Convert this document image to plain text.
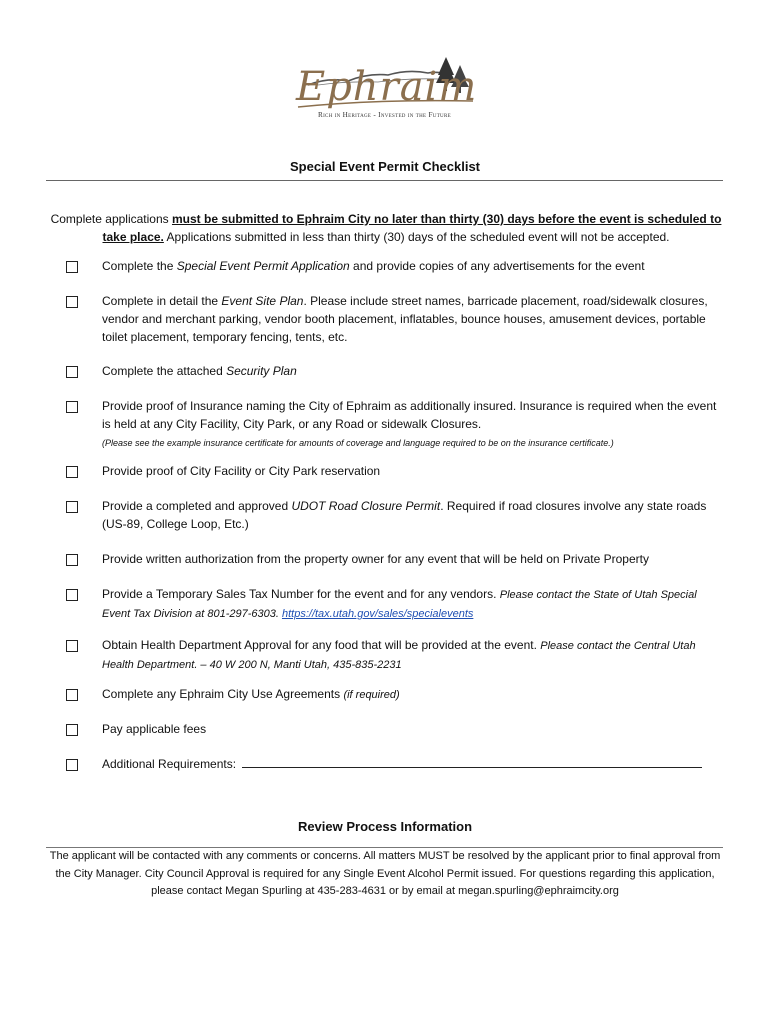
Ephraim
Rich in Heritage - Invested in the Future
Special Event Permit Checklist
Complete applications must be submitted to Ephraim City no later than thirty (30) days before the event is scheduled to take place. Applications submitted in less than thirty (30) days of the scheduled event will not be accepted.
Complete the Special Event Permit Application and provide copies of any advertisements for the event
Complete in detail the Event Site Plan. Please include street names, barricade placement, road/sidewalk closures, vendor and merchant parking, vendor booth placement, inflatables, bounce houses, amusement devices, portable toilet placement, temporary fencing, tents, etc.
Complete the attached Security Plan
Provide proof of Insurance naming the City of Ephraim as additionally insured. Insurance is required when the event is held at any City Facility, City Park, or any Road or sidewalk Closures.
(Please see the example insurance certificate for amounts of coverage and language required to be on the insurance certificate.)
Provide proof of City Facility or City Park reservation
Provide a completed and approved UDOT Road Closure Permit. Required if road closures involve any state roads (US-89, College Loop, Etc.)
Provide written authorization from the property owner for any event that will be held on Private Property
Provide a Temporary Sales Tax Number for the event and for any vendors. Please contact the State of Utah Special Event Tax Division at 801-297-6303. https://tax.utah.gov/sales/specialevents
Obtain Health Department Approval for any food that will be provided at the event. Please contact the Central Utah Health Department. – 40 W 200 N, Manti Utah, 435-835-2231
Complete any Ephraim City Use Agreements (if required)
Pay applicable fees
Additional Requirements:
Review Process Information
The applicant will be contacted with any comments or concerns. All matters MUST be resolved by the applicant prior to final approval from the City Manager. City Council Approval is required for any Single Event Alcohol Permit issued. For questions regarding this application, please contact Megan Spurling at 435-283-4631 or by email at megan.spurling@ephraimcity.org
